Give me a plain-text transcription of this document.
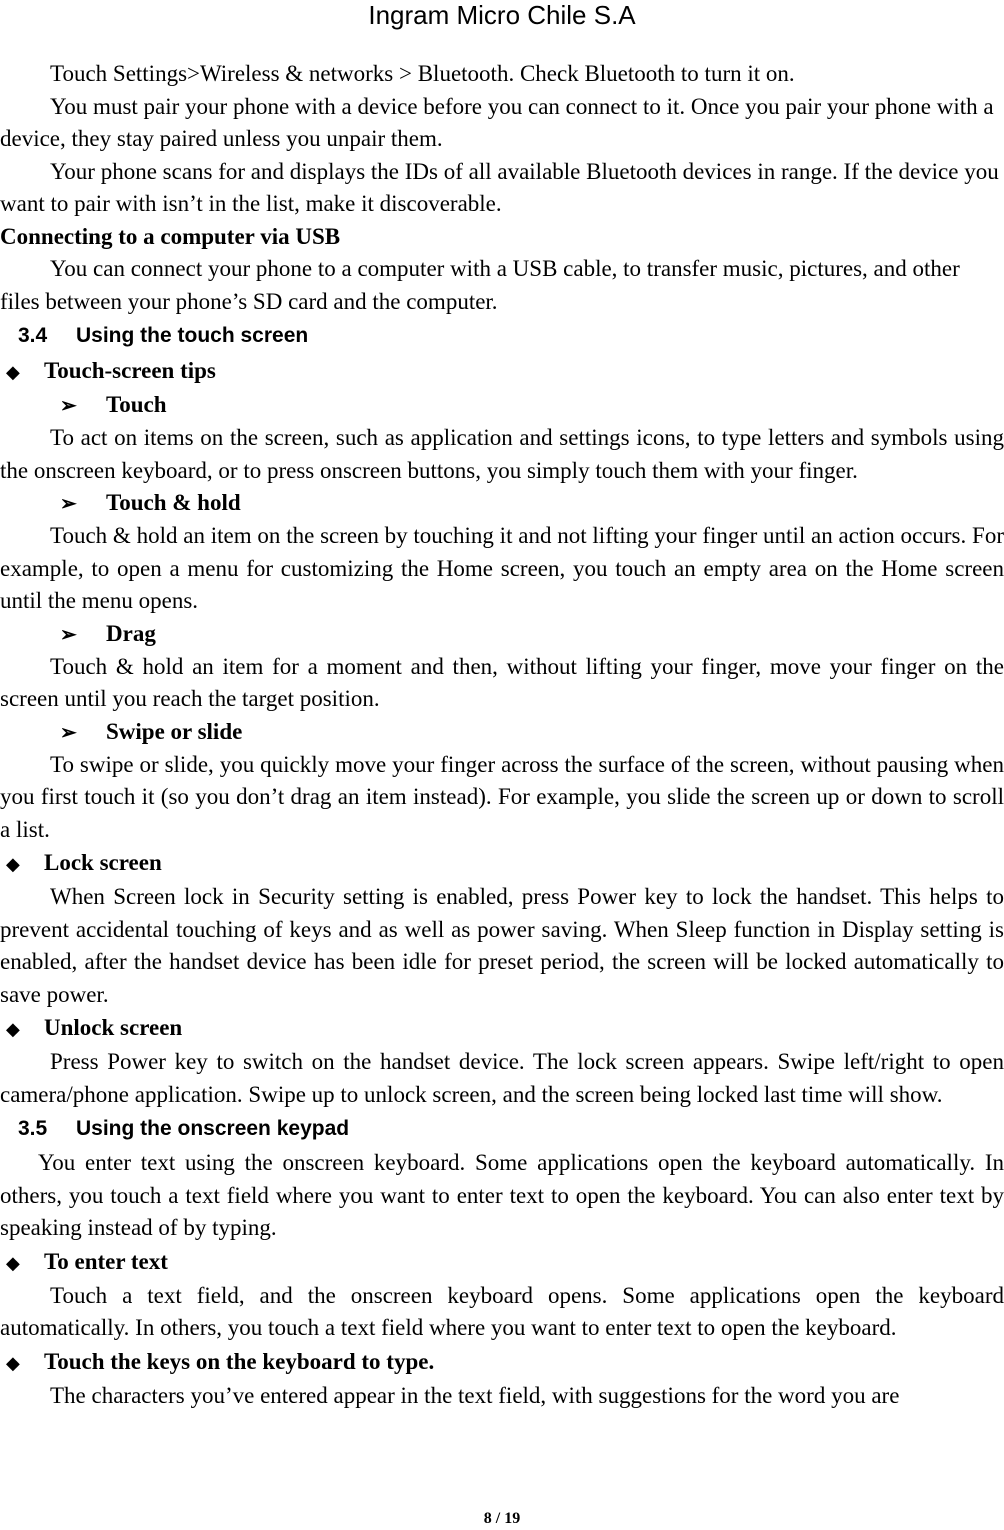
Ingram Micro Chile S.A

Touch Settings>Wireless & networks > Bluetooth. Check Bluetooth to turn it on.

You must pair your phone with a device before you can connect to it. Once you pair your phone with a device, they stay paired unless you unpair them.

Your phone scans for and displays the IDs of all available Bluetooth devices in range. If the device you want to pair with isn’t in the list, make it discoverable.

Connecting to a computer via USB

You can connect your phone to a computer with a USB cable, to transfer music, pictures, and other files between your phone’s SD card and the computer.

3.4 Using the touch screen
◆ Touch-screen tips
➢ Touch

To act on items on the screen, such as application and settings icons, to type letters and symbols using the onscreen keyboard, or to press onscreen buttons, you simply touch them with your finger.

➢ Touch & hold

Touch & hold an item on the screen by touching it and not lifting your finger until an action occurs. For example, to open a menu for customizing the Home screen, you touch an empty area on the Home screen until the menu opens.

➢ Drag

Touch & hold an item for a moment and then, without lifting your finger, move your finger on the screen until you reach the target position.

➢ Swipe or slide

To swipe or slide, you quickly move your finger across the surface of the screen, without pausing when you first touch it (so you don’t drag an item instead). For example, you slide the screen up or down to scroll a list.

◆ Lock screen

When Screen lock in Security setting is enabled, press Power key to lock the handset. This helps to prevent accidental touching of keys and as well as power saving. When Sleep function in Display setting is enabled, after the handset device has been idle for preset period, the screen will be locked automatically to save power.

◆ Unlock screen

Press Power key to switch on the handset device. The lock screen appears. Swipe left/right to open camera/phone application. Swipe up to unlock screen, and the screen being locked last time will show.

3.5 Using the onscreen keypad

You enter text using the onscreen keyboard. Some applications open the keyboard automatically. In others, you touch a text field where you want to enter text to open the keyboard. You can also enter text by speaking instead of by typing.

◆ To enter text

Touch a text field, and the onscreen keyboard opens. Some applications open the keyboard automatically. In others, you touch a text field where you want to enter text to open the keyboard.

◆ Touch the keys on the keyboard to type.

The characters you’ve entered appear in the text field, with suggestions for the word you are

8 / 19
